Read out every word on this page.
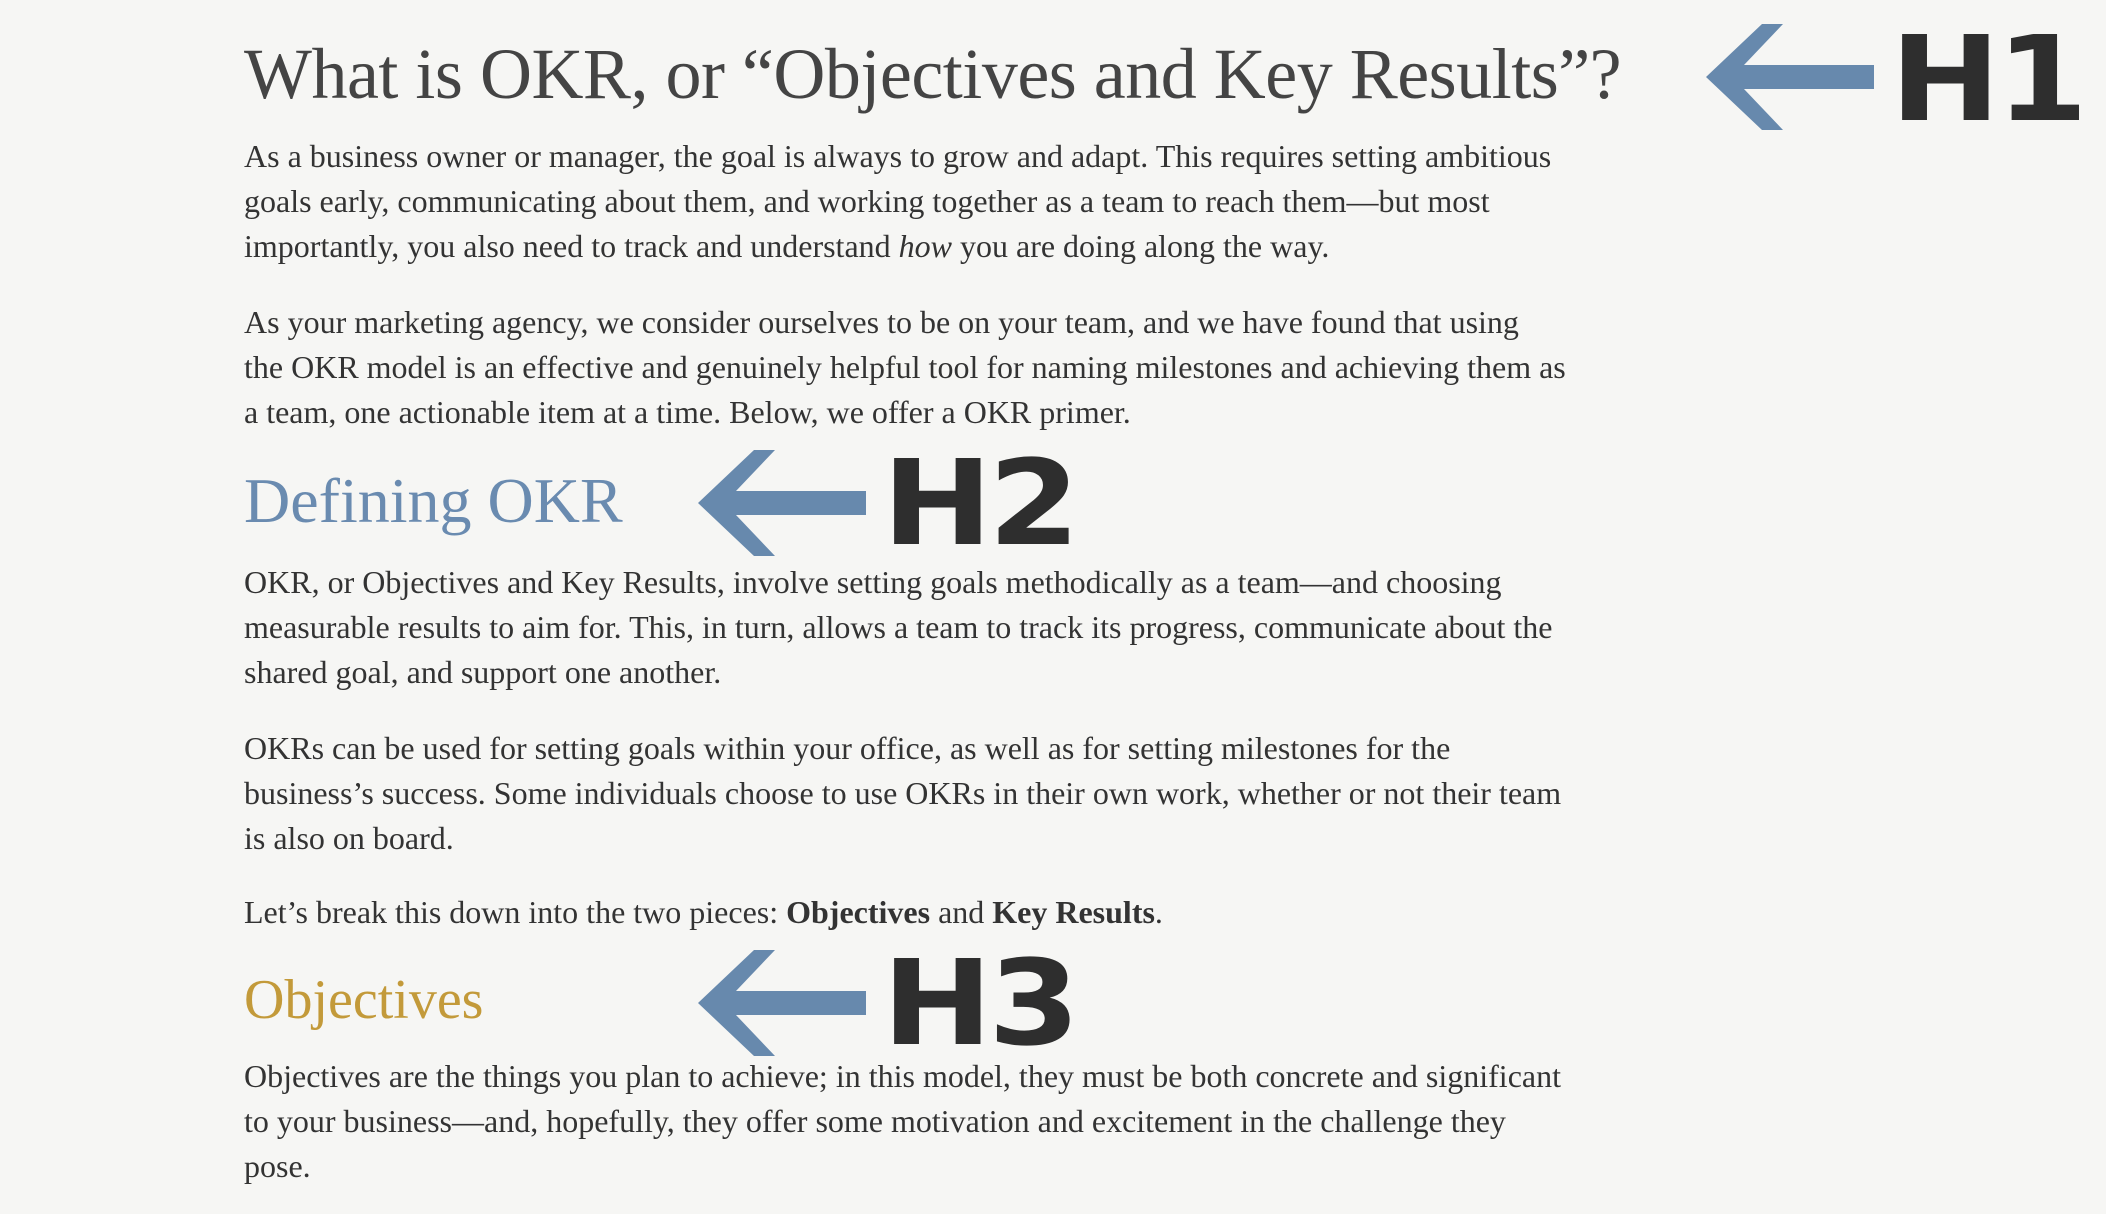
What is OKR, or “Objectives and Key Results”?

As a business owner or manager, the goal is always to grow and adapt. This requires setting ambitious
goals early, communicating about them, and working together as a team to reach them—but most
importantly, you also need to track and understand how you are doing along the way.

As your marketing agency, we consider ourselves to be on your team, and we have found that using
the OKR model is an effective and genuinely helpful tool for naming milestones and achieving them as
a team, one actionable item at a time. Below, we offer a OKR primer.

Defining OKR

OKR, or Objectives and Key Results, involve setting goals methodically as a team—and choosing
measurable results to aim for. This, in turn, allows a team to track its progress, communicate about the
shared goal, and support one another.

OKRs can be used for setting goals within your office, as well as for setting milestones for the
business’s success. Some individuals choose to use OKRs in their own work, whether or not their team
is also on board.

Let’s break this down into the two pieces: Objectives and Key Results.

Objectives

Objectives are the things you plan to achieve; in this model, they must be both concrete and significant
to your business—and, hopefully, they offer some motivation and excitement in the challenge they
pose.

H1
H2
H3
